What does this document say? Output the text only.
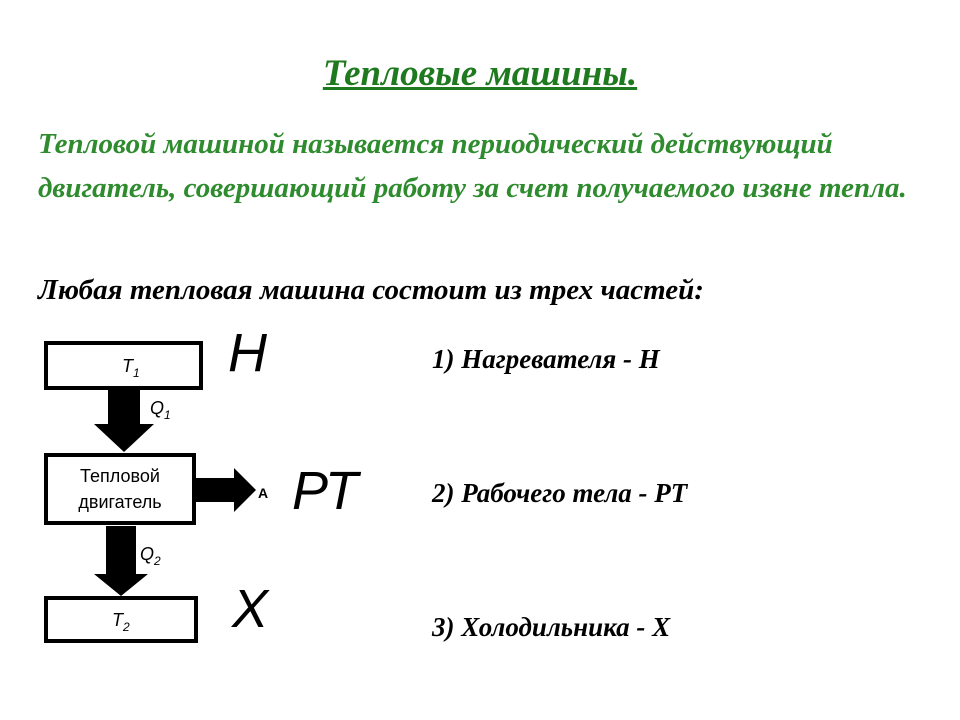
Тепловые машины.

Тепловой машиной называется периодический действующий двигатель, совершающий работу за счет получаемого извне тепла.

Любая тепловая машина состоит из трех частей:

1) Нагревателя - Н

2) Рабочего тела - РТ

3) Холодильника - Х

Н
РТ
Х
$T_1$
$Q_1$
Тепловой
двигатель	A
$Q_2$
$T_2$
